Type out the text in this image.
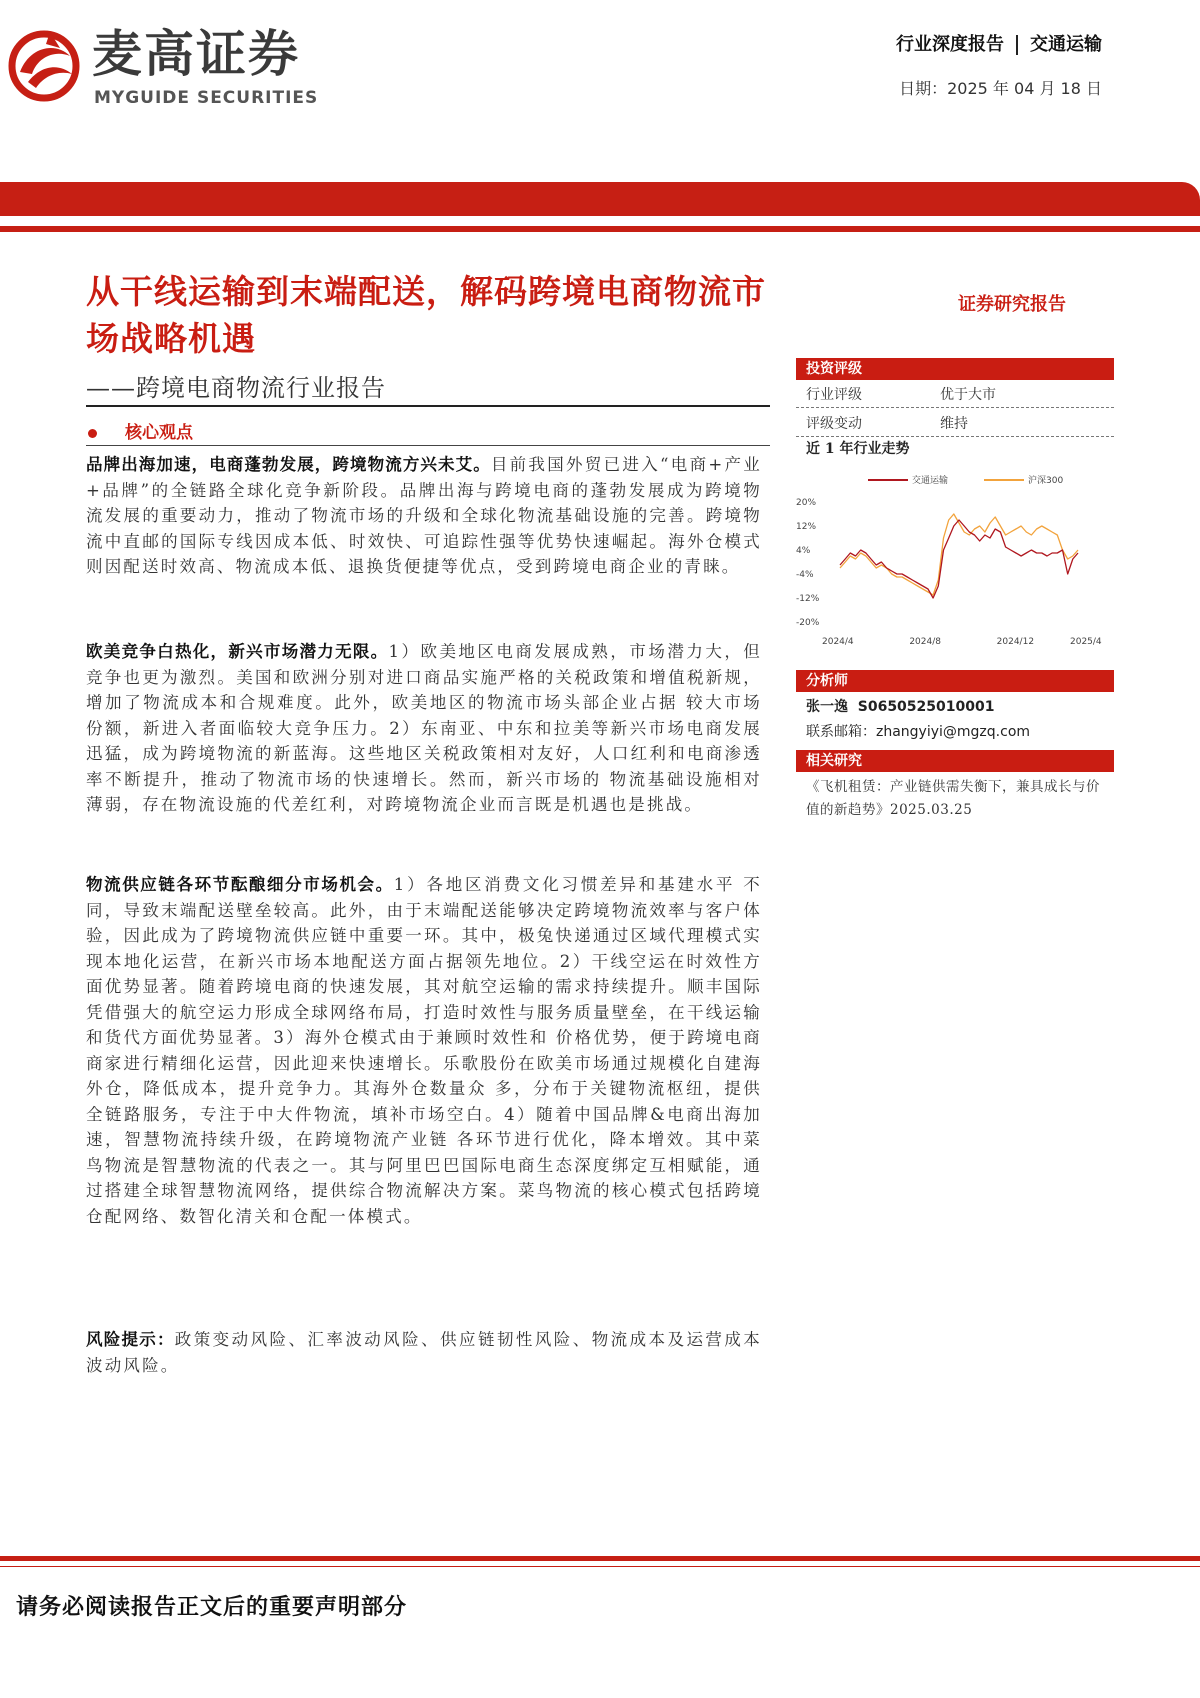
麦高证券
MYGUIDE SECURITIES
行业深度报告 交通运输
日期：2025 年 04 月 18 日
从干线运输到末端配送，解码跨境电商物流市场战略机遇
——跨境电商物流行业报告
核心观点
品牌出海加速，电商蓬勃发展，跨境物流方兴未艾。目前我国外贸已进入“电商+产业+品牌”的全链路全球化竞争新阶段。品牌出海与跨境电商的蓬勃发展成为跨境物流发展的重要动力，推动了物流市场的升级和全球化物流基础设施的完善。跨境物流中直邮的国际专线因成本低、时效快、可追踪性强等优势快速崛起。海外仓模式则因配送时效高、物流成本低、退换货便捷等优点，受到跨境电商企业的青睐。
欧美竞争白热化，新兴市场潜力无限。1）欧美地区电商发展成熟，市场潜力大，但竞争也更为激烈。美国和欧洲分别对进口商品实施严格的关税政策和增值税新规，增加了物流成本和合规难度。此外，欧美地区的物流市场头部企业占据 较大市场份额，新进入者面临较大竞争压力。2）东南亚、中东和拉美等新兴市场电商发展迅猛，成为跨境物流的新蓝海。这些地区关税政策相对友好，人口红利和电商渗透率不断提升，推动了物流市场的快速增长。然而，新兴市场的 物流基础设施相对薄弱，存在物流设施的代差红利，对跨境物流企业而言既是机遇也是挑战。
物流供应链各环节酝酿细分市场机会。1）各地区消费文化习惯差异和基建水平 不同，导致末端配送壁垒较高。此外，由于末端配送能够决定跨境物流效率与客户体验，因此成为了跨境物流供应链中重要一环。其中，极兔快递通过区域代理模式实现本地化运营，在新兴市场本地配送方面占据领先地位。2）干线空运在时效性方面优势显著。随着跨境电商的快速发展，其对航空运输的需求持续提升。顺丰国际凭借强大的航空运力形成全球网络布局，打造时效性与服务质量壁垒，在干线运输和货代方面优势显著。3）海外仓模式由于兼顾时效性和 价格优势，便于跨境电商商家进行精细化运营，因此迎来快速增长。乐歌股份在欧美市场通过规模化自建海外仓，降低成本，提升竞争力。其海外仓数量众 多，分布于关键物流枢纽，提供全链路服务，专注于中大件物流，填补市场空白。4）随着中国品牌&电商出海加速，智慧物流持续升级，在跨境物流产业链 各环节进行优化，降本增效。其中菜鸟物流是智慧物流的代表之一。其与阿里巴巴国际电商生态深度绑定互相赋能，通过搭建全球智慧物流网络，提供综合物流解决方案。菜鸟物流的核心模式包括跨境仓配网络、数智化清关和仓配一体模式。
风险提示：政策变动风险、汇率波动风险、供应链韧性风险、物流成本及运营成本波动风险。
证券研究报告
投资评级
行业评级	优于大市
评级变动	维持
近 1 年行业走势
交通运输	沪深300
20%
12%
4%
-4%
-12%
-20%
2024/4	2024/8	2024/12	2025/4
分析师
张一逸 S0650525010001
联系邮箱：zhangyiyi@mgzq.com
相关研究
《飞机租赁：产业链供需失衡下，兼具成长与价值的新趋势》2025.03.25
请务必阅读报告正文后的重要声明部分
